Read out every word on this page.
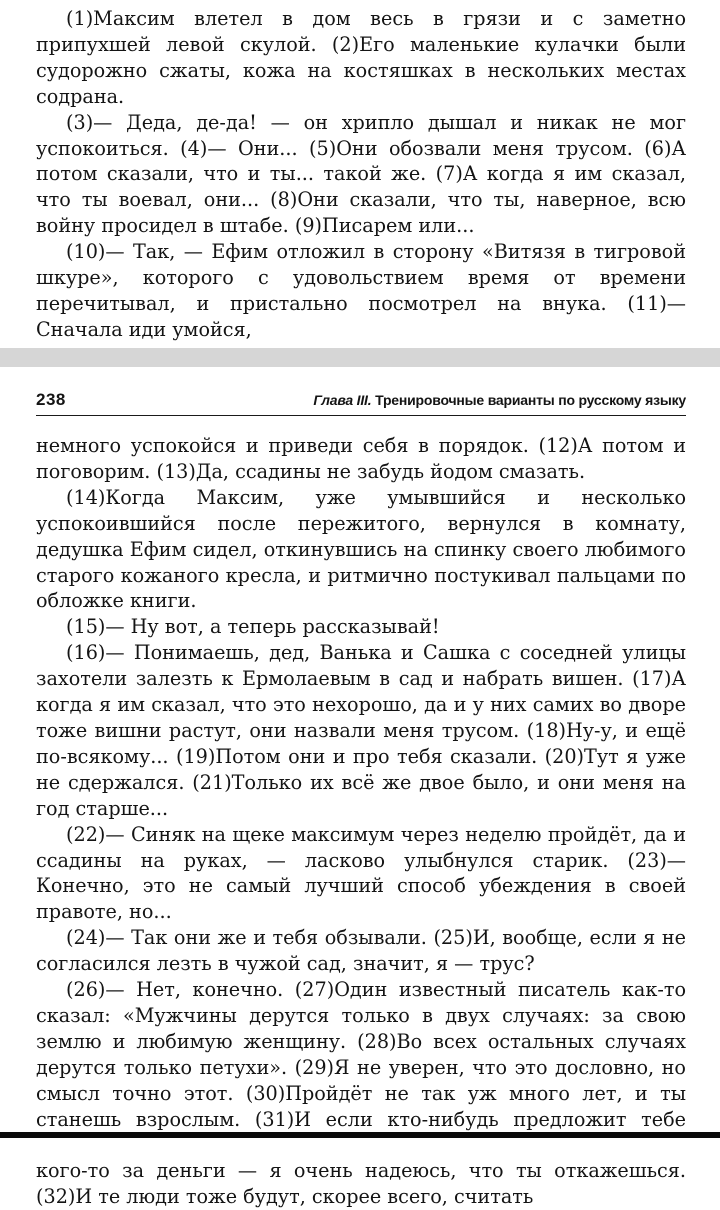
(1)Максим влетел в дом весь в грязи и с заметно припухшей левой скулой. (2)Его маленькие кулачки были судорожно сжаты, кожа на костяшках в нескольких местах содрана.

(3)— Деда, де-да! — он хрипло дышал и никак не мог успокоиться. (4)— Они... (5)Они обозвали меня трусом. (6)А потом сказали, что и ты... такой же. (7)А когда я им сказал, что ты воевал, они... (8)Они сказали, что ты, наверное, всю войну просидел в штабе. (9)Писарем или...

(10)— Так, — Ефим отложил в сторону «Витязя в тигровой шкуре», которого с удовольствием время от времени перечитывал, и пристально посмотрел на внука. (11)— Сначала иди умойся,

238	Глава III. Тренировочные варианты по русскому языку

немного успокойся и приведи себя в порядок. (12)А потом и поговорим. (13)Да, ссадины не забудь йодом смазать.

(14)Когда Максим, уже умывшийся и несколько успокоившийся после пережитого, вернулся в комнату, дедушка Ефим сидел, откинувшись на спинку своего любимого старого кожаного кресла, и ритмично постукивал пальцами по обложке книги.

(15)— Ну вот, а теперь рассказывай!

(16)— Понимаешь, дед, Ванька и Сашка с соседней улицы захотели залезть к Ермолаевым в сад и набрать вишен. (17)А когда я им сказал, что это нехорошо, да и у них самих во дворе тоже вишни растут, они назвали меня трусом. (18)Ну-у, и ещё по-всякому... (19)Потом они и про тебя сказали. (20)Тут я уже не сдержался. (21)Только их всё же двое было, и они меня на год старше...

(22)— Синяк на щеке максимум через неделю пройдёт, да и ссадины на руках, — ласково улыбнулся старик. (23)— Конечно, это не самый лучший способ убеждения в своей правоте, но...

(24)— Так они же и тебя обзывали. (25)И, вообще, если я не согласился лезть в чужой сад, значит, я — трус?

(26)— Нет, конечно. (27)Один известный писатель как-то сказал: «Мужчины дерутся только в двух случаях: за свою землю и любимую женщину. (28)Во всех остальных случаях дерутся только петухи». (29)Я не уверен, что это дословно, но смысл точно этот. (30)Пройдёт не так уж много лет, и ты станешь взрослым. (31)И если кто-нибудь предложит тебе кого-то за деньги — я очень надеюсь, что ты откажешься. (32)И те люди тоже будут, скорее всего, считать
